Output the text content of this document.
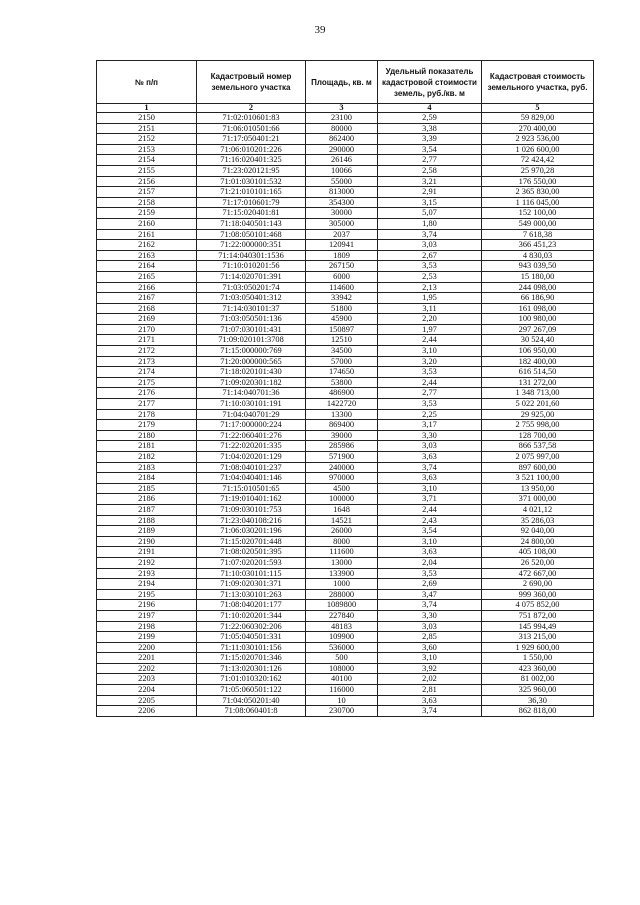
39
№ п/п	Кадастровый номер земельного участка	Площадь, кв. м	Удельный показатель кадастровой стоимости земель, руб./кв. м	Кадастровая стоимость земельного участка, руб.
1	2	3	4	5
2150	71:02:010601:83	23100	2,59	59 829,00
2151	71:06:010501:66	80000	3,38	270 400,00
2152	71:17:050401:21	862400	3,39	2 923 536,00
2153	71:06:010201:226	290000	3,54	1 026 600,00
2154	71:16:020401:325	26146	2,77	72 424,42
2155	71:23:020121:95	10066	2,58	25 970,28
2156	71:01:030101:532	55000	3,21	176 550,00
2157	71:21:010101:165	813000	2,91	2 365 830,00
2158	71:17:010601:79	354300	3,15	1 116 045,00
2159	71:15:020401:81	30000	5,07	152 100,00
2160	71:18:040501:143	305000	1,80	549 000,00
2161	71:08:050101:468	2037	3,74	7 618,38
2162	71:22:000000:351	120941	3,03	366 451,23
2163	71:14:040301:1536	1809	2,67	4 830,03
2164	71:10:010201:56	267150	3,53	943 039,50
2165	71:14:020701:391	6000	2,53	15 180,00
2166	71:03:050201:74	114600	2,13	244 098,00
2167	71:03:050401:312	33942	1,95	66 186,90
2168	71:14:030101:37	51800	3,11	161 098,00
2169	71:03:050501:136	45900	2,20	100 980,00
2170	71:07:030101:431	150897	1,97	297 267,09
2171	71:09:020101:3708	12510	2,44	30 524,40
2172	71:15:000000:769	34500	3,10	106 950,00
2173	71:20:000000:565	57000	3,20	182 400,00
2174	71:18:020101:430	174650	3,53	616 514,50
2175	71:09:020301:182	53800	2,44	131 272,00
2176	71:14:040701:36	486900	2,77	1 348 713,00
2177	71:10:030101:191	1422720	3,53	5 022 201,60
2178	71:04:040701:29	13300	2,25	29 925,00
2179	71:17:000000:224	869400	3,17	2 755 998,00
2180	71:22:060401:276	39000	3,30	128 700,00
2181	71:22:020201:335	285986	3,03	866 537,58
2182	71:04:020201:129	571900	3,63	2 075 997,00
2183	71:08:040101:237	240000	3,74	897 600,00
2184	71:04:040401:146	970000	3,63	3 521 100,00
2185	71:15:010501:65	4500	3,10	13 950,00
2186	71:19:010401:162	100000	3,71	371 000,00
2187	71:09:030101:753	1648	2,44	4 021,12
2188	71:23:040108:216	14521	2,43	35 286,03
2189	71:06:030201:196	26000	3,54	92 040,00
2190	71:15:020701:448	8000	3,10	24 800,00
2191	71:08:020501:395	111600	3,63	405 108,00
2192	71:07:020201:593	13000	2,04	26 520,00
2193	71:10:030101:115	133900	3,53	472 667,00
2194	71:09:020301:371	1000	2,69	2 690,00
2195	71:13:030101:263	288000	3,47	999 360,00
2196	71:08:040201:177	1089800	3,74	4 075 852,00
2197	71:10:020201:344	227840	3,30	751 872,00
2198	71:22:060302:206	48183	3,03	145 994,49
2199	71:05:040501:331	109900	2,85	313 215,00
2200	71:11:030101:156	536000	3,60	1 929 600,00
2201	71:15:020701:346	500	3,10	1 550,00
2202	71:13:020301:126	108000	3,92	423 360,00
2203	71:01:010320:162	40100	2,02	81 002,00
2204	71:05:060501:122	116000	2,81	325 960,00
2205	71:04:050201:40	10	3,63	36,30
2206	71:08:060401:8	230700	3,74	862 818,00
